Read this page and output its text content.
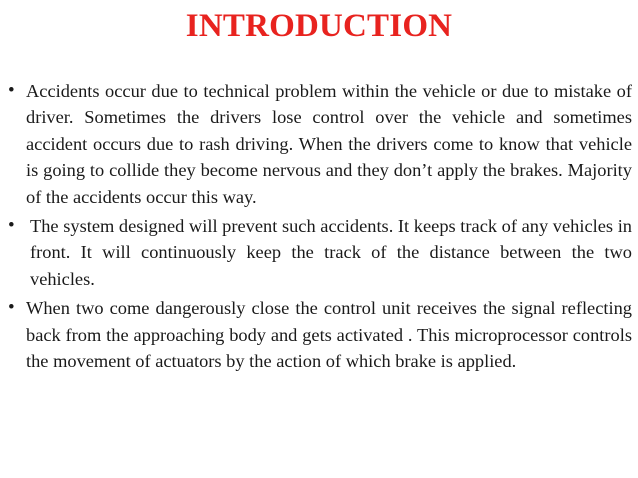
INTRODUCTION
• Accidents occur due to technical problem within the vehicle or due to mistake of driver. Sometimes the drivers lose control over the vehicle and sometimes accident occurs due to rash driving. When the drivers come to know that vehicle is going to collide they become nervous and they don’t apply the brakes. Majority of the accidents occur this way.
• The system designed will prevent such accidents. It keeps track of any vehicles in front. It will continuously keep the track of the distance between the two vehicles.
• When two come dangerously close the control unit receives the signal reflecting back from the approaching body and gets activated . This microprocessor controls the movement of actuators by the action of which brake is applied.
